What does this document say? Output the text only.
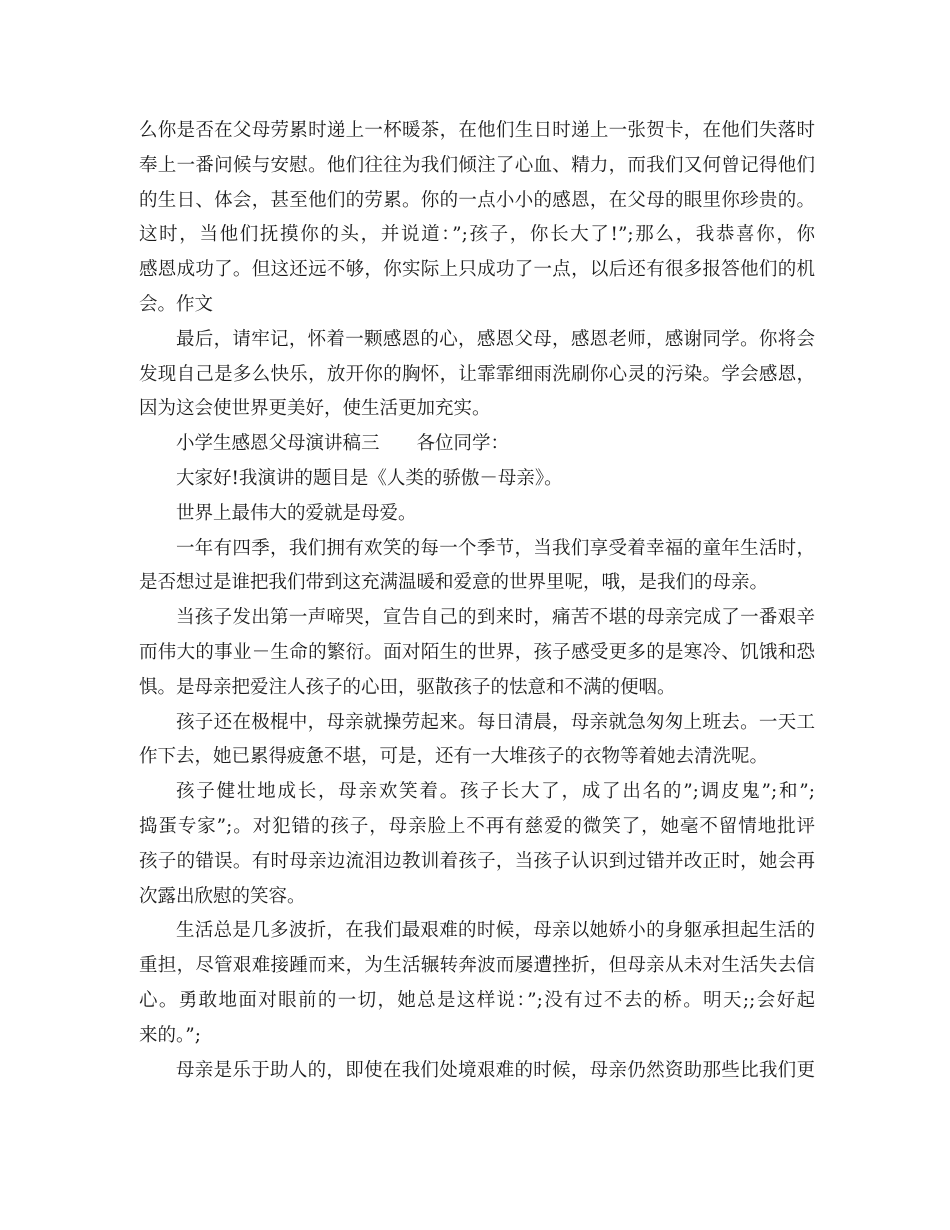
么你是否在父母劳累时递上一杯暖茶，在他们生日时递上一张贺卡，在他们失落时
奉上一番问候与安慰。他们往往为我们倾注了心血、精力，而我们又何曾记得他们
的生日、体会，甚至他们的劳累。你的一点小小的感恩，在父母的眼里你珍贵的。
这时，当他们抚摸你的头，并说道：”;孩子，你长大了!”;那么，我恭喜你，你
感恩成功了。但这还远不够，你实际上只成功了一点，以后还有很多报答他们的机
会。作文
最后，请牢记，怀着一颗感恩的心，感恩父母，感恩老师，感谢同学。你将会
发现自己是多么快乐，放开你的胸怀，让霏霏细雨洗刷你心灵的污染。学会感恩，
因为这会使世界更美好，使生活更加充实。
小学生感恩父母演讲稿三　　各位同学：
大家好!我演讲的题目是《人类的骄傲－母亲》。
世界上最伟大的爱就是母爱。
一年有四季，我们拥有欢笑的每一个季节，当我们享受着幸福的童年生活时，
是否想过是谁把我们带到这充满温暖和爱意的世界里呢，哦，是我们的母亲。
当孩子发出第一声啼哭，宣告自己的到来时，痛苦不堪的母亲完成了一番艰辛
而伟大的事业－生命的繁衍。面对陌生的世界，孩子感受更多的是寒冷、饥饿和恐
惧。是母亲把爱注人孩子的心田，驱散孩子的怯意和不满的便咽。
孩子还在极棍中，母亲就操劳起来。每日清晨，母亲就急匆匆上班去。一天工
作下去，她已累得疲惫不堪，可是，还有一大堆孩子的衣物等着她去清洗呢。
孩子健壮地成长，母亲欢笑着。孩子长大了，成了出名的”;调皮鬼”;和”;
捣蛋专家”;。对犯错的孩子，母亲脸上不再有慈爱的微笑了，她毫不留情地批评
孩子的错误。有时母亲边流泪边教训着孩子，当孩子认识到过错并改正时，她会再
次露出欣慰的笑容。
生活总是几多波折，在我们最艰难的时候，母亲以她娇小的身躯承担起生活的
重担，尽管艰难接踵而来，为生活辗转奔波而屡遭挫折，但母亲从未对生活失去信
心。勇敢地面对眼前的一切，她总是这样说：”;没有过不去的桥。明天;;会好起
来的。”;
母亲是乐于助人的，即使在我们处境艰难的时候，母亲仍然资助那些比我们更
